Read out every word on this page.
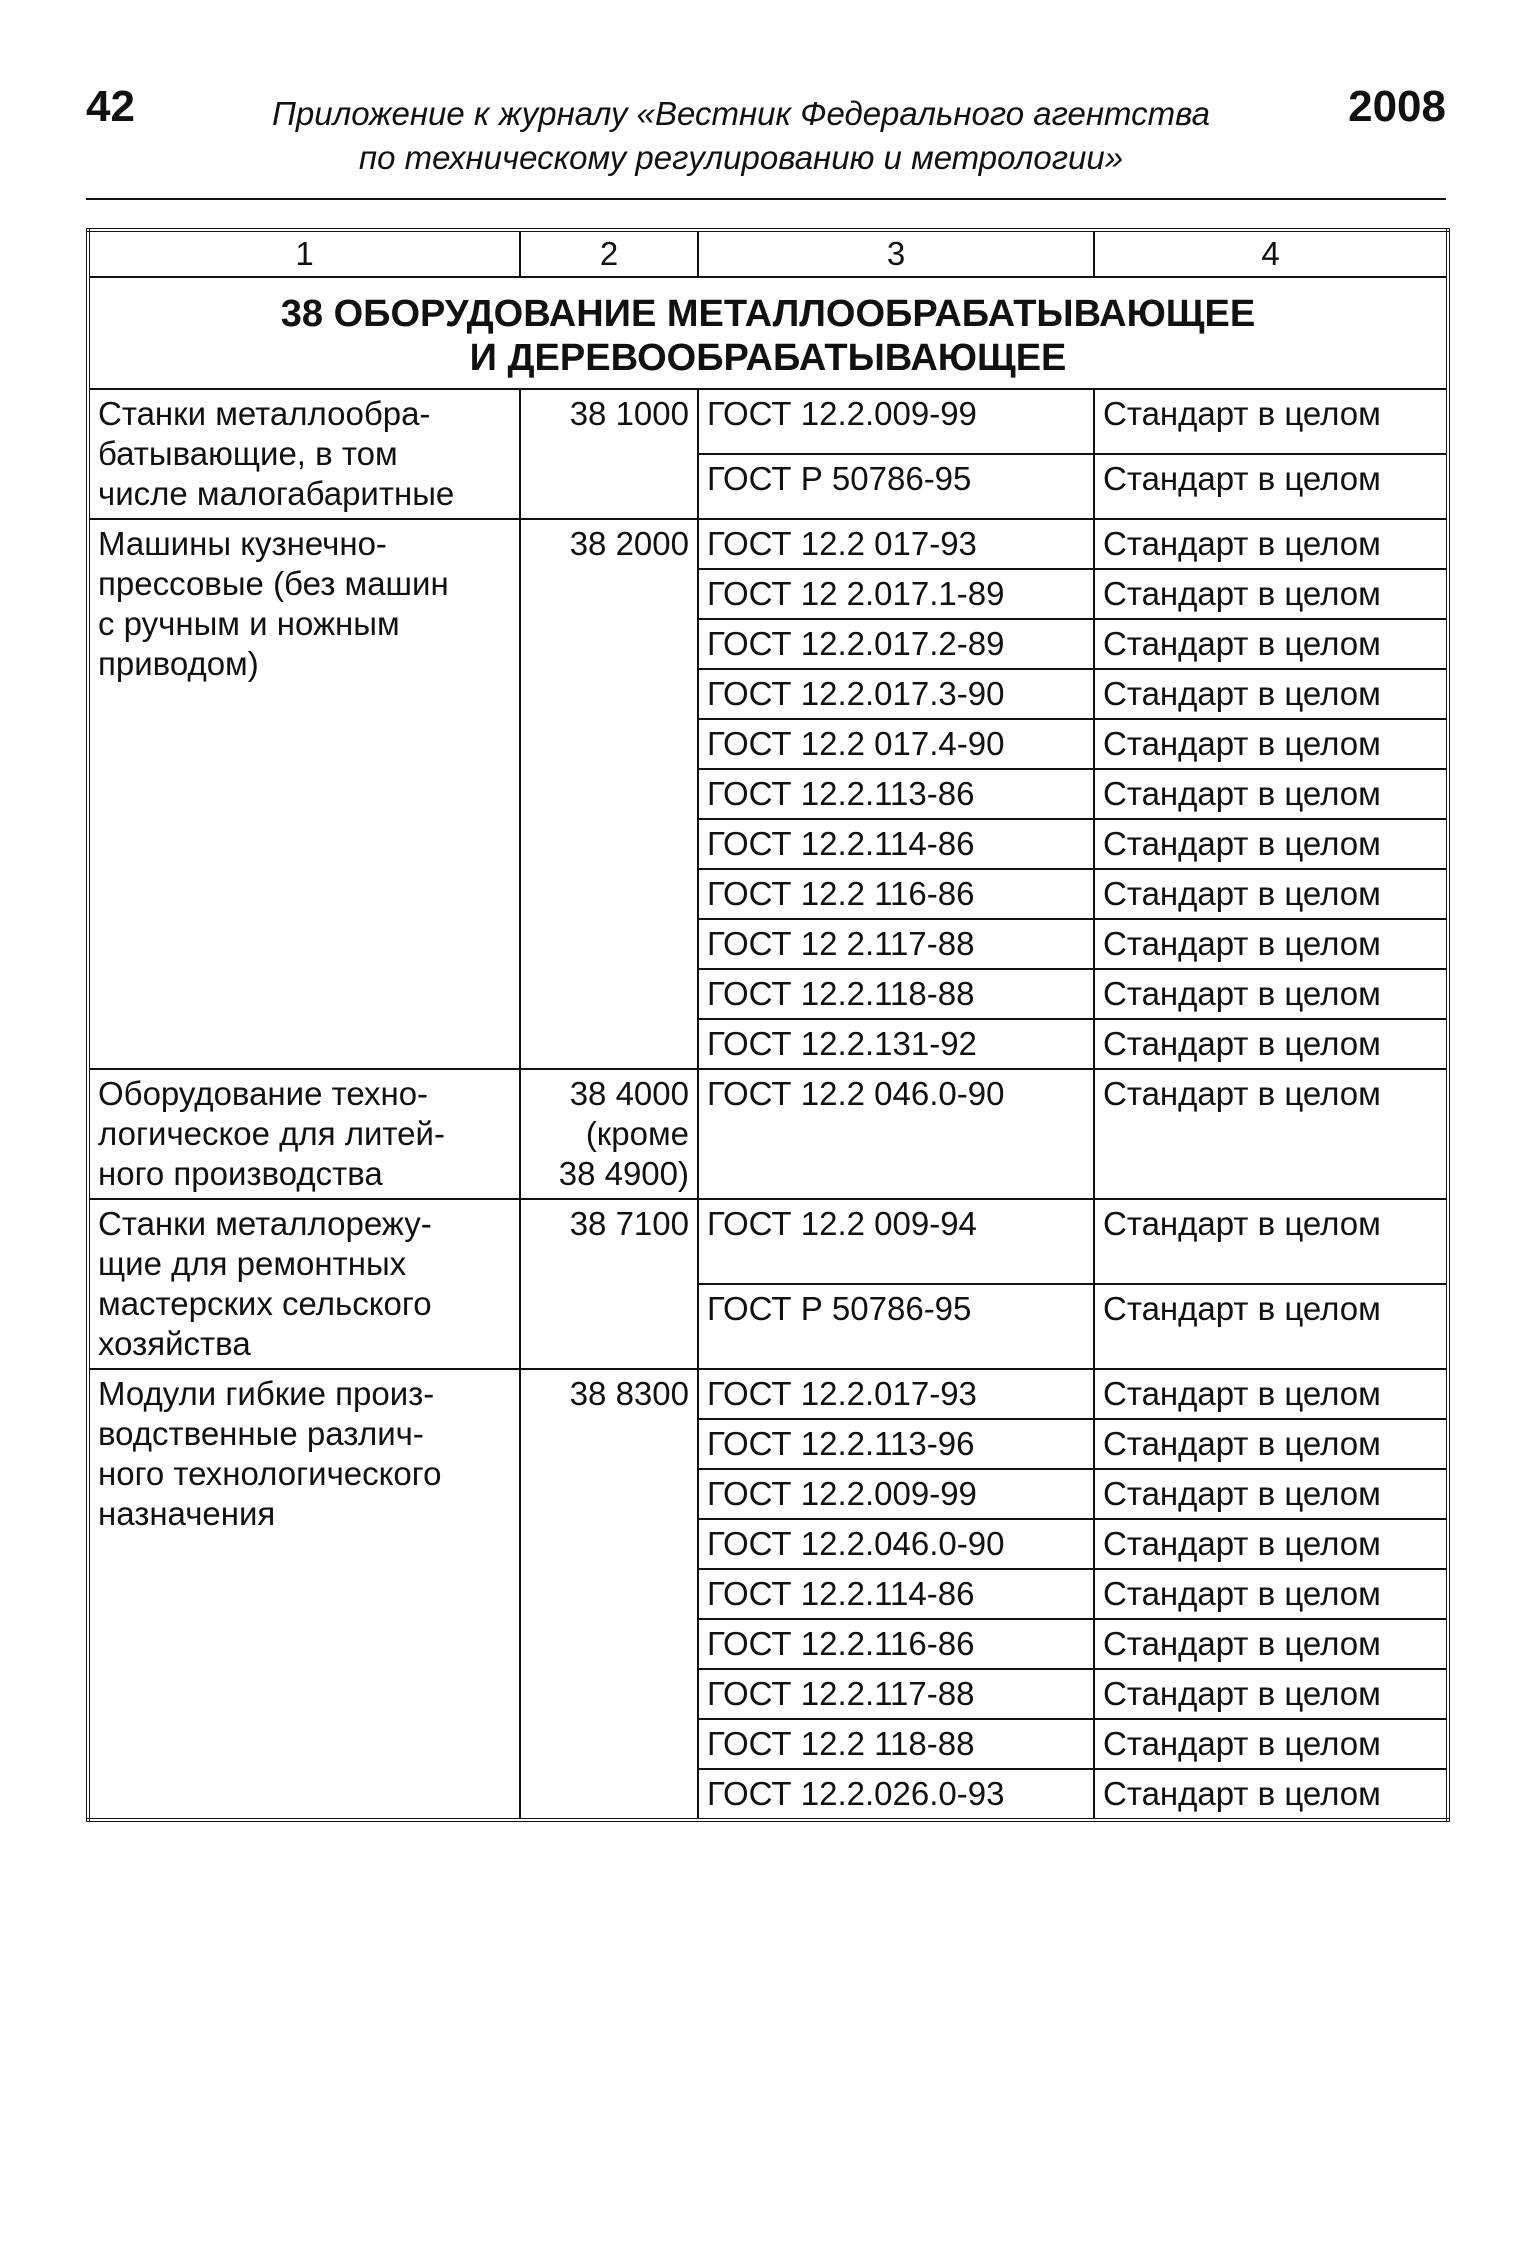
42	Приложение к журналу «Вестник Федерального агентства
по техническому регулированию и метрологии»
2008
1	2	3	4

38 ОБОРУДОВАНИЕ МЕТАЛЛООБРАБАТЫВАЮЩЕЕ
И ДЕРЕВООБРАБАТЫВАЮЩЕЕ			

Станки металлообра-
батывающие, в том
числе малогабаритные	38 1000	ГОСТ 12.2.009-99	Стандарт в целом
		ГОСТ Р 50786-95	Стандарт в целом

Машины кузнечно-
прессовые (без машин
с ручным и ножным
приводом)	38 2000	ГОСТ 12.2 017-93	Стандарт в целом
		ГОСТ 12 2.017.1-89	Стандарт в целом
		ГОСТ 12.2.017.2-89	Стандарт в целом
		ГОСТ 12.2.017.3-90	Стандарт в целом
		ГОСТ 12.2 017.4-90	Стандарт в целом
		ГОСТ 12.2.113-86	Стандарт в целом
		ГОСТ 12.2.114-86	Стандарт в целом
		ГОСТ 12.2 116-86	Стандарт в целом
		ГОСТ 12 2.117-88	Стандарт в целом
		ГОСТ 12.2.118-88	Стандарт в целом
		ГОСТ 12.2.131-92	Стандарт в целом

Оборудование техно-
логическое для литей-
ного производства	38 4000
(кроме
38 4900)	ГОСТ 12.2 046.0-90	Стандарт в целом

Станки металлорежу-
щие для ремонтных
мастерских сельского
хозяйства	38 7100	ГОСТ 12.2 009-94	Стандарт в целом
		ГОСТ Р 50786-95	Стандарт в целом

Модули гибкие произ-
водственные различ-
ного технологического
назначения	38 8300	ГОСТ 12.2.017-93	Стандарт в целом
		ГОСТ 12.2.113-96	Стандарт в целом
		ГОСТ 12.2.009-99	Стандарт в целом
		ГОСТ 12.2.046.0-90	Стандарт в целом
		ГОСТ 12.2.114-86	Стандарт в целом
		ГОСТ 12.2.116-86	Стандарт в целом
		ГОСТ 12.2.117-88	Стандарт в целом
		ГОСТ 12.2 118-88	Стандарт в целом
		ГОСТ 12.2.026.0-93	Стандарт в целом
